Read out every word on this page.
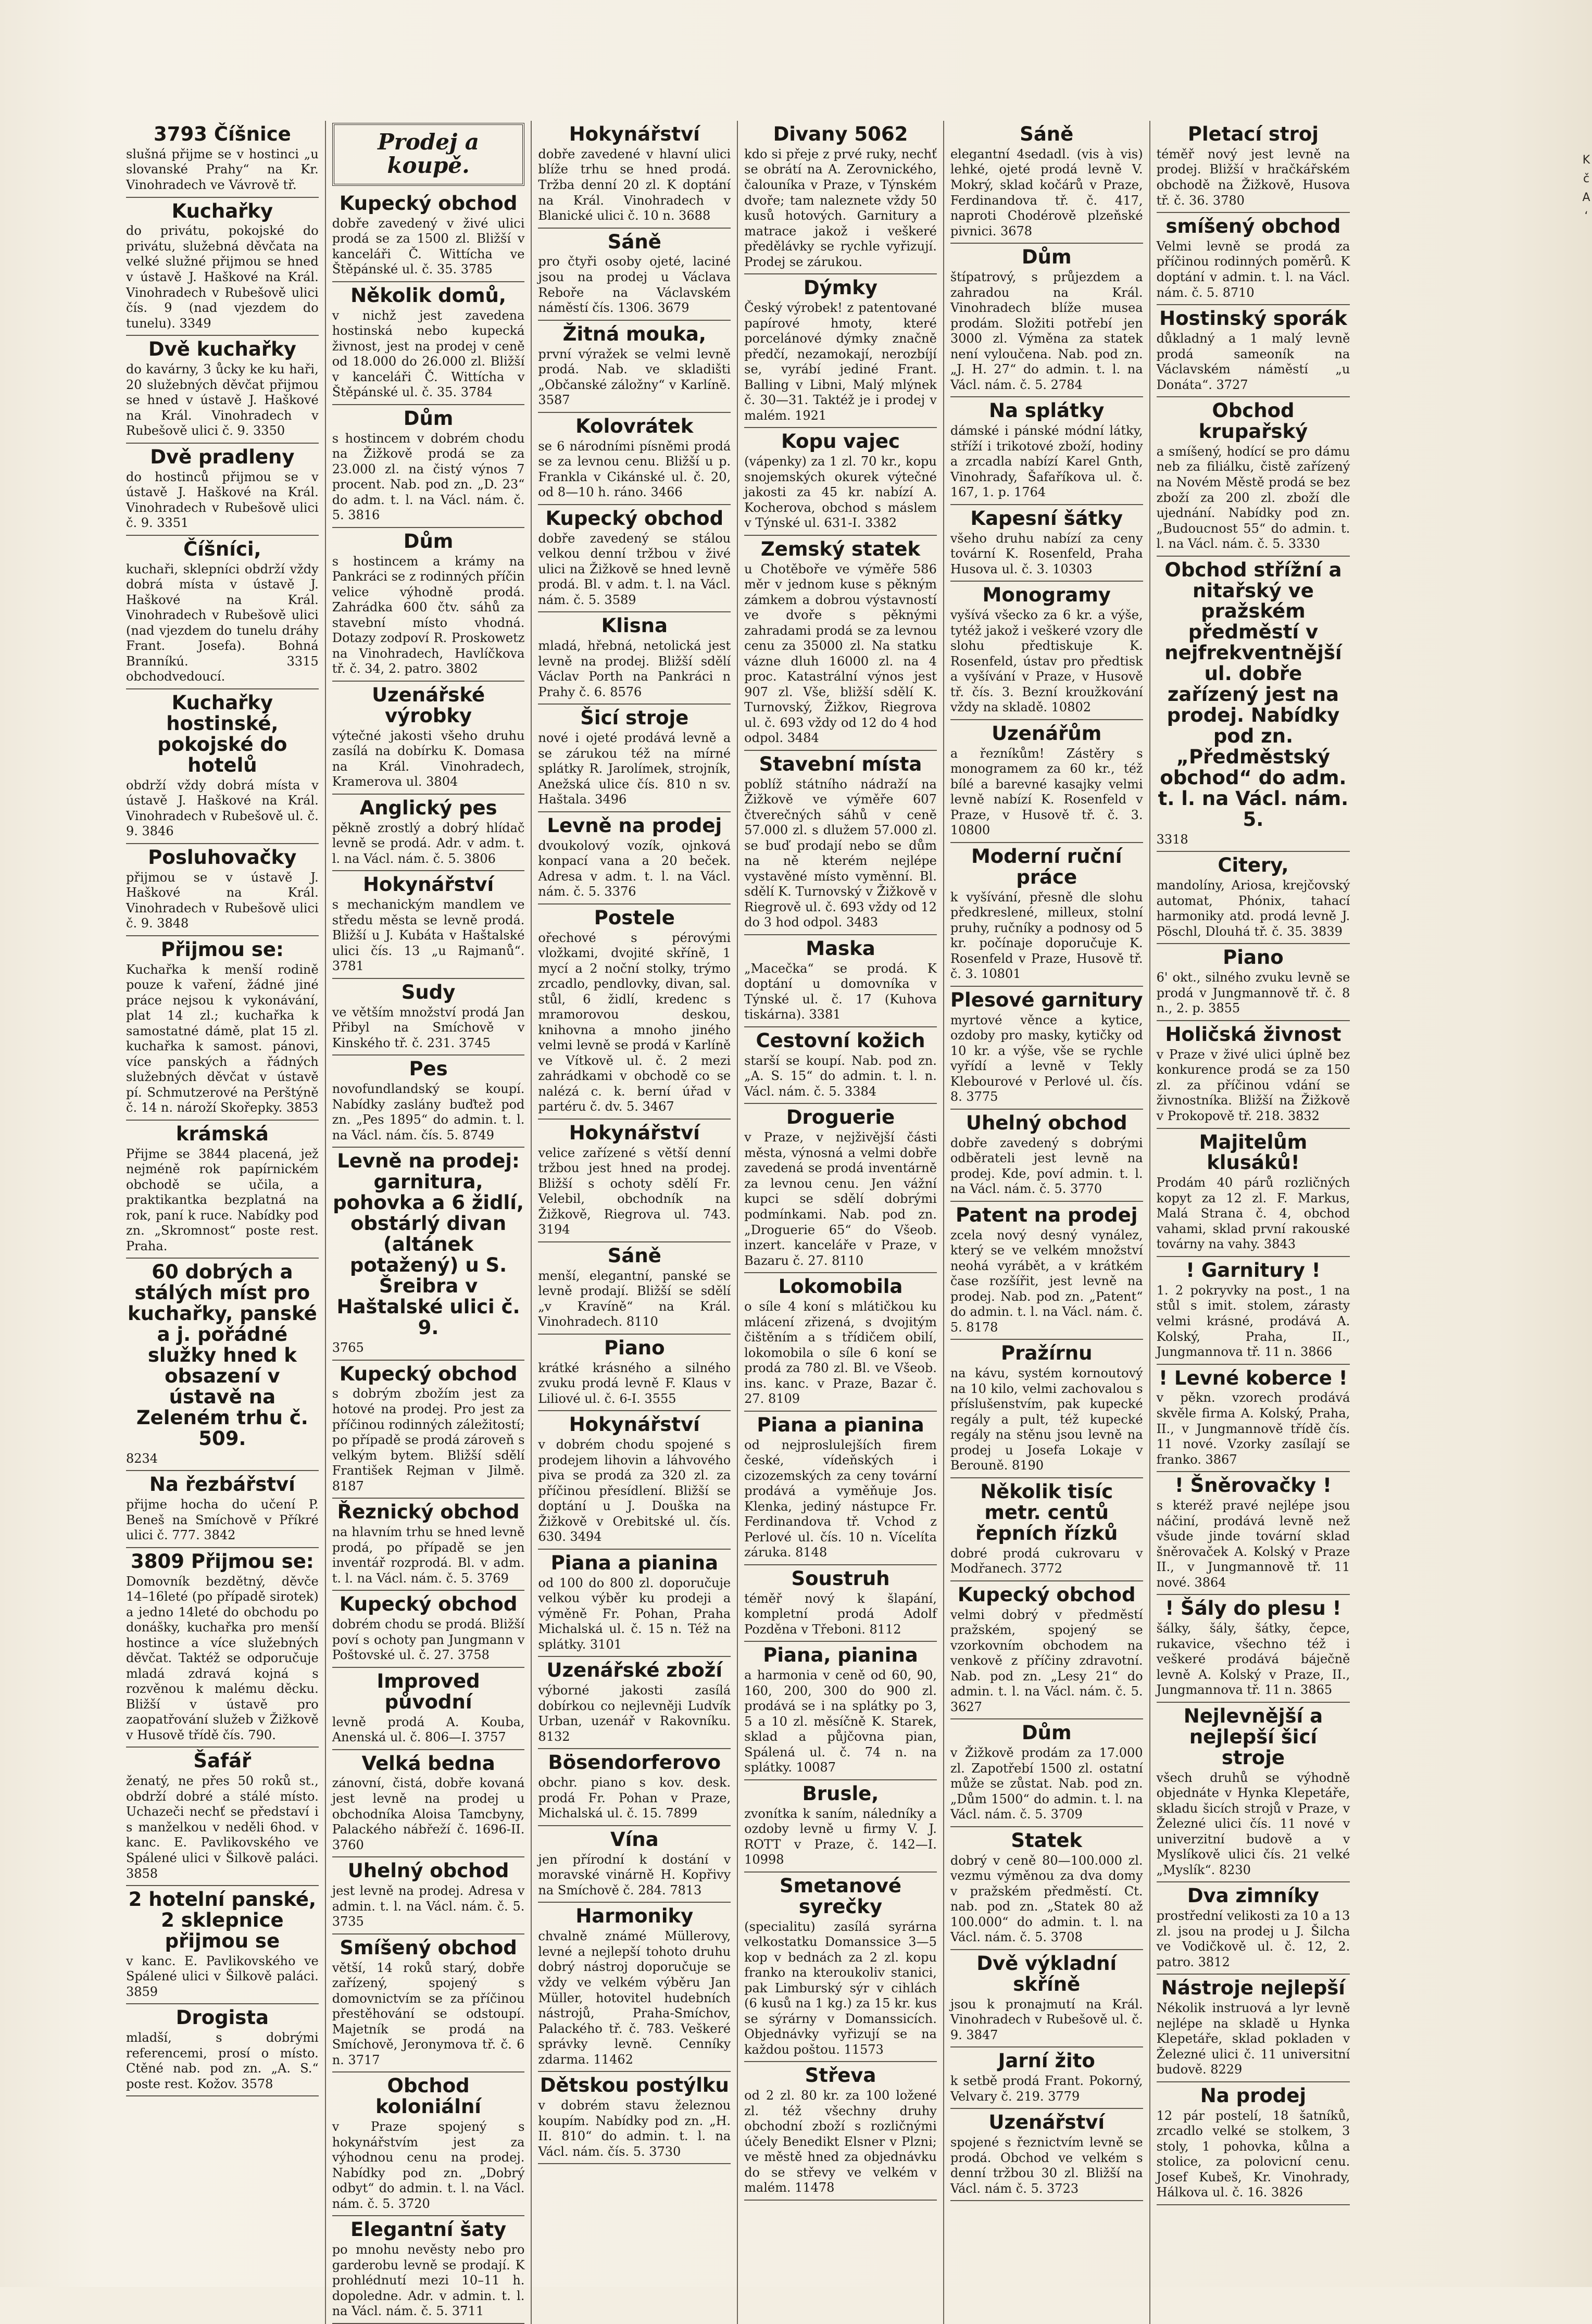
3793 Číšnice

slušná přijme se v hostinci „u slovanské Prahy“ na Kr. Vinohradech ve Vávrově tř.

Kuchařky

do privátu, pokojské do privátu, služebná děvčata na velké služné přijmou se hned v ústavě J. Haškové na Král. Vinohradech v Rubešově ulici čís. 9 (nad vjezdem do tunelu). 3349

Dvě kuchařky

do kavárny, 3 ůcky ke ku haři, 20 služebných děvčat přijmou se hned v ústavě J. Haškové na Král. Vinohradech v Rubešově ulici č. 9. 3350

Dvě pradleny

do hostinců přijmou se v ústavě J. Haškové na Král. Vinohradech v Rubešově ulici č. 9. 3351

Číšníci,

kuchaři, sklepníci obdrží vždy dobrá místa v ústavě J. Haškové na Král. Vinohradech v Rubešově ulici (nad vjezdem do tunelu dráhy Frant. Josefa). Bohná Branníkú. 3315 obchodvedoucí.

Kuchařky hostinské, pokojské do hotelů

obdrží vždy dobrá místa v ústavě J. Haškové na Král. Vinohradech v Rubešově ul. č. 9. 3846

Posluhovačky

přijmou se v ústavě J. Haškové na Král. Vinohradech v Rubešově ulici č. 9. 3848

Přijmou se:

Kuchařka k menší rodině pouze k vaření, žádné jiné práce nejsou k vykonávání, plat 14 zl.; kuchařka k samostatné dámě, plat 15 zl. kuchařka k samost. pánovi, více panských a řádných služebných děvčat v ústavě pí. Schmutzerové na Perštýně č. 14 n. nároží Skořepky. 3853

krámská

Přijme se 3844 placená, jež nejméně rok papírnickém obchodě se učila, a praktikantka bezplatná na rok, paní k ruce. Nabídky pod zn. „Skromnost“ poste rest. Praha.

60 dobrých a stálých míst pro kuchařky, panské a j. pořádné služky hned k obsazení v ústavě na Zeleném trhu č. 509.

8234

Na řezbářství

přijme hocha do učení P. Beneš na Smíchově v Příkré ulici č. 777. 3842

3809 Přijmou se:

Domovník bezdětný, děvče 14–16leté (po případě sirotek) a jedno 14leté do obchodu po donášky, kuchařka pro menší hostince a více služebných děvčat. Taktéž se odporučuje mladá zdravá kojná s rozvěnou k malému děcku. Bližší v ústavě pro zaopatřování služeb v Žižkově v Husově třídě čís. 790.

Šafář

ženatý, ne přes 50 roků st., obdrží dobré a stálé místo. Uchazeči nechť se představí i s manželkou v neděli 6hod. v kanc. E. Pavlikovského ve Spálené ulici v Šilkově paláci. 3858

2 hotelní panské, 2 sklepnice přijmou se

v kanc. E. Pavlikovského ve Spálené ulici v Šilkově paláci. 3859

Drogista

mladší, s dobrými referencemi, prosí o místo. Ctěné nab. pod zn. „A. S.“ poste rest. Kožov. 3578

Prodej a koupě.
Kupecký obchod

dobře zavedený v živé ulici prodá se za 1500 zl. Bližší v kanceláři Č. Wittícha ve Štěpánské ul. č. 35. 3785

Několik domů,

v nichž jest zavedena hostinská nebo kupecká živnost, jest na prodej v ceně od 18.000 do 26.000 zl. Bližší v kanceláři Č. Wittícha v Štěpánské ul. č. 35. 3784

Dům

s hostincem v dobrém chodu na Žižkově prodá se za 23.000 zl. na čistý výnos 7 procent. Nab. pod zn. „D. 23“ do adm. t. l. na Václ. nám. č. 5. 3816

Dům

s hostincem a krámy na Pankráci se z rodinných příčin velice výhodně prodá. Zahrádka 600 čtv. sáhů za stavební místo vhodná. Dotazy zodpoví R. Proskowetz na Vinohradech, Havlíčkova tř. č. 34, 2. patro. 3802

Uzenářské výrobky

výtečné jakosti všeho druhu zasílá na dobírku K. Domasa na Král. Vinohradech, Kramerova ul. 3804

Anglický pes

pěkně zrostlý a dobrý hlídač levně se prodá. Adr. v adm. t. l. na Václ. nám. č. 5. 3806

Hokynářství

s mechanickým mandlem ve středu města se levně prodá. Bližší u J. Kubáta v Haštalské ulici čís. 13 „u Rajmanů“. 3781

Sudy

ve větším množství prodá Jan Přibyl na Smíchově v Kinského tř. č. 231. 3745

Pes

novofundlandský se koupí. Nabídky zaslány buďtež pod zn. „Pes 1895“ do admin. t. l. na Václ. nám. čís. 5. 8749

Levně na prodej: garnitura, pohovka a 6 židlí, obstárlý divan (altánek potažený) u S. Šreibra v Haštalské ulici č. 9.

3765

Kupecký obchod

s dobrým zbožím jest za hotové na prodej. Pro jest za příčinou rodinných záležitostí; po případě se prodá zároveň s velkým bytem. Bližší sdělí František Rejman v Jilmě. 8187

Řeznický obchod

na hlavním trhu se hned levně prodá, po případě se jen inventář rozprodá. Bl. v adm. t. l. na Václ. nám. č. 5. 3769

Kupecký obchod

dobrém chodu se prodá. Bližší poví s ochoty pan Jungmann v Poštovské ul. č. 27. 3758

Improved původní

levně prodá A. Kouba, Anenská ul. č. 806—I. 3757

Velká bedna

zánovní, čistá, dobře kovaná jest levně na prodej u obchodníka Aloisa Tamcbyny, Palackého nábřeží č. 1696-II. 3760

Uhelný obchod

jest levně na prodej. Adresa v admin. t. l. na Václ. nám. č. 5. 3735

Smíšený obchod

větší, 14 roků starý, dobře zařízený, spojený s domovnictvím se za příčinou přestěhování se odstoupí. Majetník se prodá na Smíchově, Jeronymova tř. č. 6 n. 3717

Obchod koloniální

v Praze spojený s hokynářstvím jest za výhodnou cenu na prodej. Nabídky pod zn. „Dobrý odbyt“ do admin. t. l. na Václ. nám. č. 5. 3720

Elegantní šaty

po mnohu nevěsty nebo pro garderobu levně se prodají. K prohlédnutí mezi 10–11 h. dopoledne. Adr. v admin. t. l. na Václ. nám. č. 5. 3711

Hokynářství

dobře zavedené v hlavní ulici blíže trhu se hned prodá. Tržba denní 20 zl. K doptání na Král. Vinohradech v Blanické ulici č. 10 n. 3688

Sáně

pro čtyři osoby ojeté, laciné jsou na prodej u Václava Reboře na Václavském náměstí čís. 1306. 3679

Žitná mouka,

první výražek se velmi levně prodá. Nab. ve skladišti „Občanské záložny“ v Karlíně. 3587

Kolovrátek

se 6 národními písněmi prodá se za levnou cenu. Bližší u p. Frankla v Cikánské ul. č. 20, od 8—10 h. ráno. 3466

Kupecký obchod

dobře zavedený se stálou velkou denní tržbou v živé ulici na Žižkově se hned levně prodá. Bl. v adm. t. l. na Václ. nám. č. 5. 3589

Klisna

mladá, hřebná, netolická jest levně na prodej. Bližší sdělí Václav Porth na Pankráci n Prahy č. 6. 8576

Šicí stroje

nové i ojeté prodává levně a se zárukou též na mírné splátky R. Jarolímek, strojník, Anežská ulice čís. 810 n sv. Haštala. 3496

Levně na prodej

dvoukolový vozík, ojnková konpací vana a 20 beček. Adresa v adm. t. l. na Václ. nám. č. 5. 3376

Postele

ořechové s pérovými vložkami, dvojité skříně, 1 mycí a 2 noční stolky, trýmo zrcadlo, pendlovky, divan, sal. stůl, 6 židlí, kredenc s mramorovou deskou, knihovna a mnoho jiného velmi levně se prodá v Karlíně ve Vítkově ul. č. 2 mezi zahrádkami v obchodě co se nalézá c. k. berní úřad v partéru č. dv. 5. 3467

Hokynářství

velice zařízené s větší denní tržbou jest hned na prodej. Bližší s ochoty sdělí Fr. Velebil, obchodník na Žižkově, Riegrova ul. 743. 3194

Sáně

menší, elegantní, panské se levně prodají. Bližší se sdělí „v Kravíně“ na Král. Vinohradech. 8110

Piano

krátké krásného a silného zvuku prodá levně F. Klaus v Liliové ul. č. 6-I. 3555

Hokynářství

v dobrém chodu spojené s prodejem lihovin a láhvového piva se prodá za 320 zl. za příčinou přesídlení. Bližší se doptání u J. Douška na Žižkově v Orebitské ul. čís. 630. 3494

Piana a pianina

od 100 do 800 zl. doporučuje velkou výběr ku prodeji a výměně Fr. Pohan, Praha Michalská ul. č. 15 n. Též na splátky. 3101

Uzenářské zboží

výborné jakosti zasílá dobírkou co nejlevněji Ludvík Urban, uzenář v Rakovníku. 8132

Bösendorferovo

obchr. piano s kov. desk. prodá Fr. Pohan v Praze, Michalská ul. č. 15. 7899

Vína

jen přírodní k dostání v moravské vinárně H. Kopřivy na Smíchově č. 284. 7813

Harmoniky

chvalně známé Müllerovy, levné a nejlepší tohoto druhu dobrý nástroj doporučuje se vždy ve velkém výběru Jan Müller, hotovitel hudebních nástrojů, Praha-Smíchov, Palackého tř. č. 783. Veškeré správky levně. Cenníky zdarma. 11462

Dětskou postýlku

v dobrém stavu železnou koupím. Nabídky pod zn. „H. II. 810“ do admin. t. l. na Václ. nám. čís. 5. 3730

Divany 5062

kdo si přeje z prvé ruky, nechť se obrátí na A. Zerovnického, čalouníka v Praze, v Týnském dvoře; tam naleznete vždy 50 kusů hotových. Garnitury a matrace jakož i veškeré předělávky se rychle vyřizují. Prodej se zárukou.

Dýmky

Český výrobek! z patentované papírové hmoty, které porcelánové dýmky značně předčí, nezamokají, nerozbíjí se, vyrábí jediné Frant. Balling v Libni, Malý mlýnek č. 30—31. Taktéž je i prodej v malém. 1921

Kopu vajec

(vápenky) za 1 zl. 70 kr., kopu snojemských okurek výtečné jakosti za 45 kr. nabízí A. Kocherova, obchod s máslem v Týnské ul. 631-I. 3382

Zemský statek

u Chotěboře ve výměře 586 měr v jednom kuse s pěkným zámkem a dobrou výstavností ve dvoře s pěknými zahradami prodá se za levnou cenu za 35000 zl. Na statku vázne dluh 16000 zl. na 4 proc. Katastrální výnos jest 907 zl. Vše, bližší sdělí K. Turnovský, Žižkov, Riegrova ul. č. 693 vždy od 12 do 4 hod odpol. 3484

Stavební místa

poblíž státního nádraží na Žižkově ve výměře 607 čtverečných sáhů v ceně 57.000 zl. s dlužem 57.000 zl. se buď prodají nebo se dům na ně kterém nejlépe vystavěné místo vyměnní. Bl. sdělí K. Turnovský v Žižkově v Riegrově ul. č. 693 vždy od 12 do 3 hod odpol. 3483

Maska

„Macečka“ se prodá. K doptání u domovníka v Týnské ul. č. 17 (Kuhova tiskárna). 3381

Cestovní kožich

starší se koupí. Nab. pod zn. „A. S. 15“ do admin. t. l. n. Václ. nám. č. 5. 3384

Droguerie

v Praze, v nejživější části města, výnosná a velmi dobře zavedená se prodá inventárně za levnou cenu. Jen vážní kupci se sdělí dobrými podmínkami. Nab. pod zn. „Droguerie 65“ do Všeob. inzert. kanceláře v Praze, v Bazaru č. 27. 8110

Lokomobila

o síle 4 koní s mlátičkou ku mlácení zřizená, s dvojitým čištěním a s třídičem obilí, lokomobila o síle 6 koní se prodá za 780 zl. Bl. ve Všeob. ins. kanc. v Praze, Bazar č. 27. 8109

Piana a pianina

od nejproslulejších firem české, vídeňských i cizozemských za ceny tovární prodává a vyměňuje Jos. Klenka, jediný nástupce Fr. Ferdinandova tř. Vchod z Perlové ul. čís. 10 n. Vícelíta záruka. 8148

Soustruh

téměř nový k šlapání, kompletní prodá Adolf Pozděna v Třeboni. 8112

Piana, pianina

a harmonia v ceně od 60, 90, 160, 200, 300 do 900 zl. prodává se i na splátky po 3, 5 a 10 zl. měsíčně K. Starek, sklad a půjčovna pian, Spálená ul. č. 74 n. na splátky. 10087

Brusle,

zvonítka k saním, náledníky a ozdoby levně u firmy V. J. ROTT v Praze, č. 142—I. 10998

Smetanové syrečky

(specialitu) zasílá syrárna velkostatku Domanssice 3—5 kop v bednách za 2 zl. kopu franko na kteroukoliv stanici, pak Limburský sýr v cihlách (6 kusů na 1 kg.) za 15 kr. kus se sýrárny v Domanssicích. Objednávky vyřizují se na každou poštou. 11573

Střeva

od 2 zl. 80 kr. za 100 ložené zl. též všechny druhy obchodní zboží s rozličnými účely Benedikt Elsner v Plzni; ve městě hned za objednávku do se střevy ve velkém v malém. 11478

Sáně

elegantní 4sedadl. (vis à vis) lehké, ojeté prodá levně V. Mokrý, sklad kočárů v Praze, Ferdinandova tř. č. 417, naproti Chodérově plzeňské pivnici. 3678

Dům

štípatrový, s průjezdem a zahradou na Král. Vinohradech blíže musea prodám. Složiti potřebí jen 3000 zl. Výměna za statek není vyloučena. Nab. pod zn. „J. H. 27“ do admin. t. l. na Václ. nám. č. 5. 2784

Na splátky

dámské i pánské módní látky, stříží i trikotové zboží, hodiny a zrcadla nabízí Karel Gnth, Vinohrady, Šafaříkova ul. č. 167, 1. p. 1764

Kapesní šátky

všeho druhu nabízí za ceny tovární K. Rosenfeld, Praha Husova ul. č. 3. 10303

Monogramy

vyšívá všecko za 6 kr. a výše, tytéž jakož i veškeré vzory dle slohu předtiskuje K. Rosenfeld, ústav pro předtisk a vyšívání v Praze, v Husově tř. čís. 3. Bezní kroužkování vždy na skladě. 10802

Uzenářům

a řezníkům! Zástěry s monogramem za 60 kr., též bílé a barevné kasajky velmi levně nabízí K. Rosenfeld v Praze, v Husově tř. č. 3. 10800

Moderní ruční práce

k vyšívání, přesně dle slohu předkreslené, milleux, stolní pruhy, ručníky a podnosy od 5 kr. počínaje doporučuje K. Rosenfeld v Praze, Husově tř. č. 3. 10801

Plesové garnitury

myrtové věnce a kytice, ozdoby pro masky, kytičky od 10 kr. a výše, vše se rychle vyřídí a levně v Tekly Klebourové v Perlové ul. čís. 8. 3775

Uhelný obchod

dobře zavedený s dobrými odběrateli jest levně na prodej. Kde, poví admin. t. l. na Václ. nám. č. 5. 3770

Patent na prodej

zcela nový desný vynález, který se ve velkém množství neohá vyrábět, a v krátkém čase rozšířit, jest levně na prodej. Nab. pod zn. „Patent“ do admin. t. l. na Václ. nám. č. 5. 8178

Pražírnu

na kávu, systém kornoutový na 10 kilo, velmi zachovalou s příslušenstvím, pak kupecké regály a pult, též kupecké regály na stěnu jsou levně na prodej u Josefa Lokaje v Berouně. 8190

Několik tisíc metr. centů řepních řízků

dobré prodá cukrovaru v Modřanech. 3772

Kupecký obchod

velmi dobrý v předměstí pražském, spojený se vzorkovním obchodem na venkově z příčiny zdravotní. Nab. pod zn. „Lesy 21“ do admin. t. l. na Václ. nám. č. 5. 3627

Dům

v Žižkově prodám za 17.000 zl. Zapotřebí 1500 zl. ostatní může se zůstat. Nab. pod zn. „Dům 1500“ do admin. t. l. na Václ. nám. č. 5. 3709

Statek

dobrý v ceně 80—100.000 zl. vezmu výměnou za dva domy v pražském předměstí. Ct. nab. pod zn. „Statek 80 až 100.000“ do admin. t. l. na Václ. nám. č. 5. 3708

Dvě výkladní skříně

jsou k pronajmutí na Král. Vinohradech v Rubešově ul. č. 9. 3847

Jarní žito

k setbě prodá Frant. Pokorný, Velvary č. 219. 3779

Uzenářství

spojené s řeznictvím levně se prodá. Obchod ve velkém s denní tržbou 30 zl. Bližší na Václ. nám č. 5. 3723

Pletací stroj

téměř nový jest levně na prodej. Bližší v hračkářském obchodě na Žižkově, Husova tř. č. 36. 3780

smíšený obchod

Velmi levně se prodá za příčinou rodinných poměrů. K doptání v admin. t. l. na Václ. nám. č. 5. 8710

Hostinský sporák

důkladný a 1 malý levně prodá sameoník na Václavském náměstí „u Donáta“. 3727

Obchod krupařský

a smíšený, hodící se pro dámu neb za filiálku, čistě zařízený na Novém Městě prodá se bez zboží za 200 zl. zboží dle ujednání. Nabídky pod zn. „Budoucnost 55“ do admin. t. l. na Václ. nám. č. 5. 3330

Obchod střížní a nitařský ve pražském předměstí v nejfrekventnější ul. dobře zařízený jest na prodej. Nabídky pod zn. „Předměstský obchod“ do adm. t. l. na Václ. nám. 5.

3318

Citery,

mandolíny, Ariosa, krejčovský automat, Phónix, tahací harmoniky atd. prodá levně J. Pöschl, Dlouhá tř. č. 35. 3839

Piano

6' okt., silného zvuku levně se prodá v Jungmannově tř. č. 8 n., 2. p. 3855

Holičská živnost

v Praze v živé ulici úplně bez konkurence prodá se za 150 zl. za příčinou vdání se živnostníka. Bližší na Žižkově v Prokopově tř. 218. 3832

Majitelům klusáků!

Prodám 40 párů rozličných kopyt za 12 zl. F. Markus, Malá Strana č. 4, obchod vahami, sklad první rakouské továrny na vahy. 3843

! Garnitury !

1. 2 pokryvky na post., 1 na stůl s imit. stolem, zárasty velmi krásné, prodává A. Kolský, Praha, II., Jungmannova tř. 11 n. 3866

! Levné koberce !

v pěkn. vzorech prodává skvěle firma A. Kolský, Praha, II., v Jungmannově třídě čís. 11 nové. Vzorky zasílají se franko. 3867

! Šněrovačky !

s kteréž pravé nejlépe jsou náčiní, prodává levně než všude jinde tovární sklad šněrovaček A. Kolský v Praze II., v Jungmannově tř. 11 nové. 3864

! Šály do plesu !

šálky, šály, šátky, čepce, rukavice, všechno též i veškeré prodává báječně levně A. Kolský v Praze, II., Jungmannova tř. 11 n. 3865

Nejlevnější a nejlepší šicí stroje

všech druhů se výhodně objednáte v Hynka Klepetáře, skladu šicích strojů v Praze, v Železné ulici čís. 11 nové v univerzitní budově a v Myslíkově ulici čís. 21 velké „Myslík“. 8230

Dva zimníky

prostřední velikosti za 10 a 13 zl. jsou na prodej u J. Šilcha ve Vodičkově ul. č. 12, 2. patro. 3812

Nástroje nejlepší

Nékolik instruová a lyr levně nejlépe na skladě u Hynka Klepetáře, sklad pokladen v Železné ulici č. 11 universitní budově. 8229

Na prodej

12 pár postelí, 18 šatníků, zrcadlo velké se stolkem, 3 stoly, 1 pohovka, kůlna a stolice, za polovicní cenu. Josef Kubeš, Kr. Vinohrady, Hálkova ul. č. 16. 3826

K
č
A
‘
